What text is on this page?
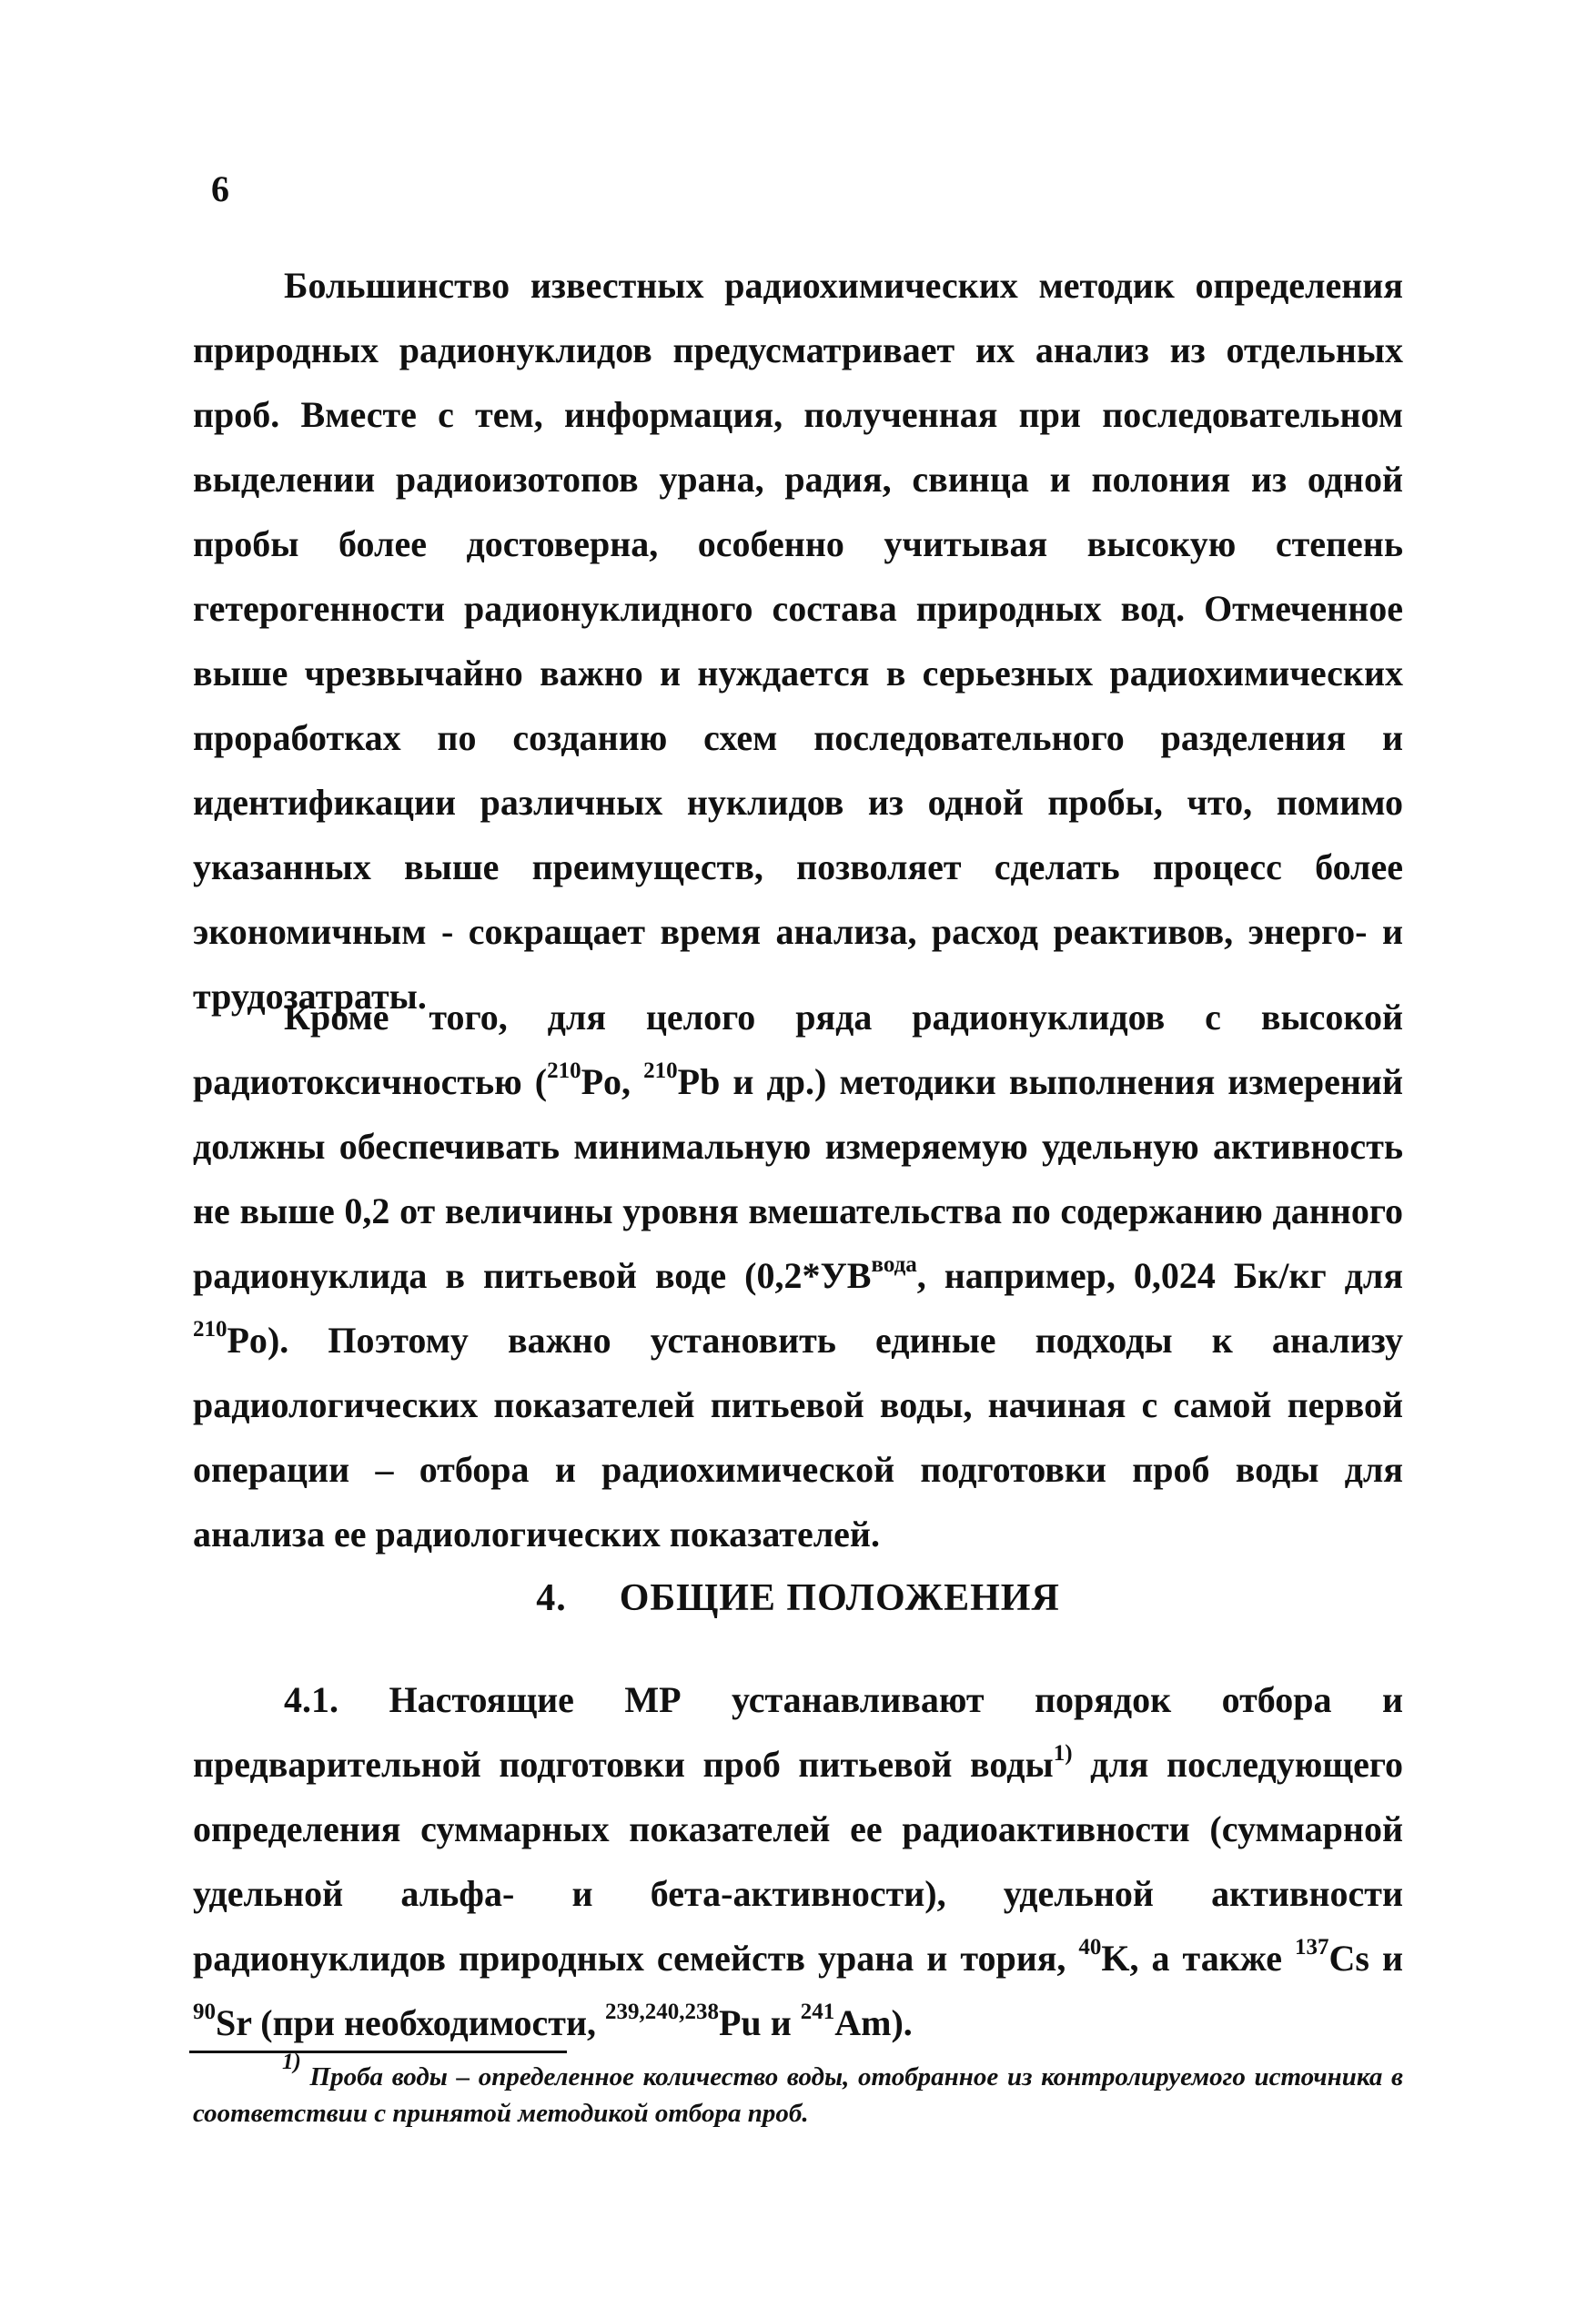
6

Большинство известных радиохимических методик определения природных радионуклидов предусматривает их анализ из отдельных проб. Вместе с тем, информация, полученная при последовательном выделении радиоизотопов урана, радия, свинца и полония из одной пробы более достоверна, особенно учитывая высокую степень гетерогенности радионуклидного состава природных вод. Отмеченное выше чрезвычайно важно и нуждается в серьезных радиохимических проработках по созданию схем последовательного разделения и идентификации различных нуклидов из одной пробы, что, помимо указанных выше преимуществ, позволяет сделать процесс более экономичным - сокращает время анализа, расход реактивов, энерго- и трудозатраты.

Кроме того, для целого ряда радионуклидов с высокой радиотоксичностью ($^{210}$Po, $^{210}$Pb и др.) методики выполнения измерений должны обеспечивать минимальную измеряемую удельную активность не выше 0,2 от величины уровня вмешательства по содержанию данного радионуклида в питьевой воде ($0,2*УВ^{вода}$, например, 0,024 Бк/кг для $^{210}$Po). Поэтому важно установить единые подходы к анализу радиологических показателей питьевой воды, начиная с самой первой операции – отбора и радиохимической подготовки проб воды для анализа ее радиологических показателей.

4. ОБЩИЕ ПОЛОЖЕНИЯ

4.1. Настоящие МР устанавливают порядок отбора и предварительной подготовки проб питьевой воды$^{1)}$ для последующего определения суммарных показателей ее радиоактивности (суммарной удельной альфа- и бета-активности), удельной активности радионуклидов природных семейств урана и тория, $^{40}$K, а также $^{137}$Cs и $^{90}$Sr (при необходимости, $^{239,240,238}$Pu и $^{241}$Am).

$^{1)}$ Проба воды – определенное количество воды, отобранное из контролируемого источника в соответствии с принятой методикой отбора проб.
